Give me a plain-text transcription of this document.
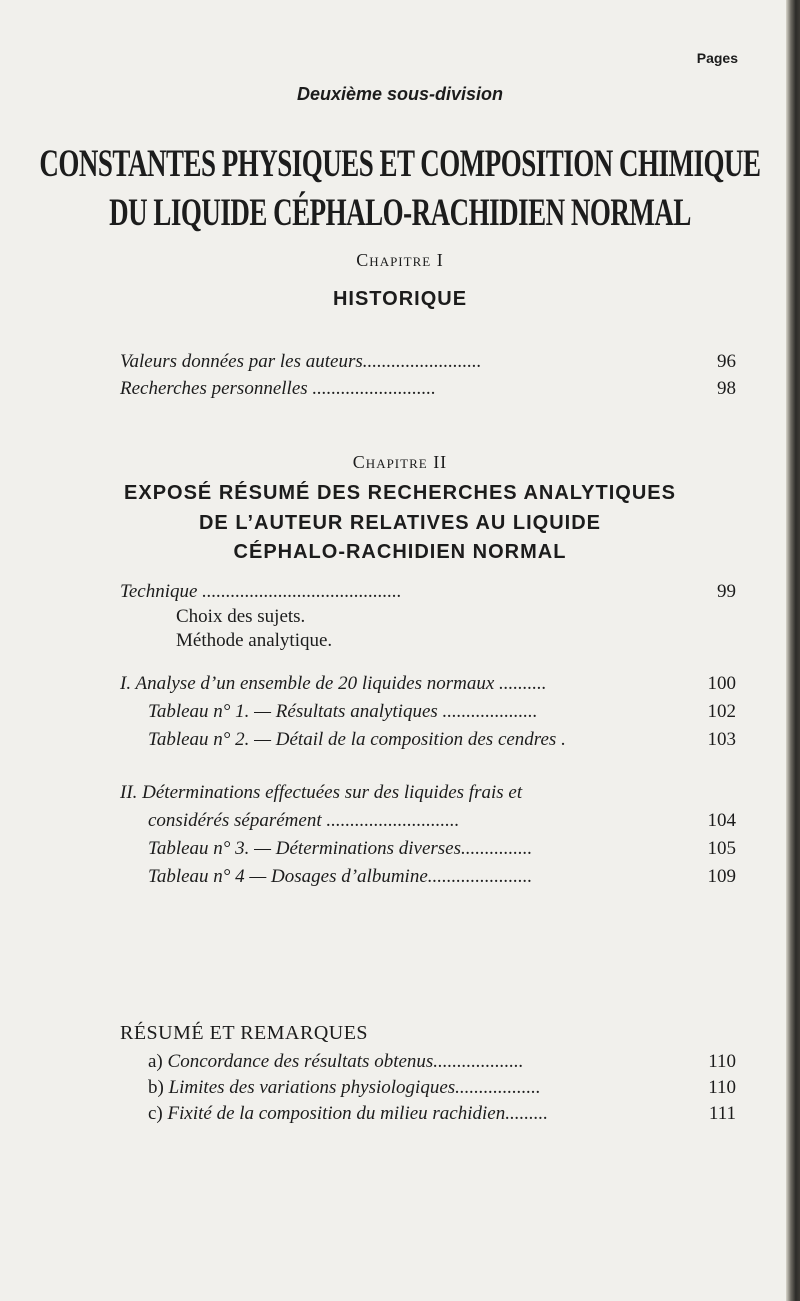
Pages
Deuxième sous-division
CONSTANTES PHYSIQUES ET COMPOSITION CHIMIQUE
DU LIQUIDE CÉPHALO-RACHIDIEN NORMAL
Chapitre I
HISTORIQUE
Valeurs données par les auteurs.........................	96
Recherches personnelles ..........................	98
Chapitre II
EXPOSÉ RÉSUMÉ DES RECHERCHES ANALYTIQUES
DE L’AUTEUR RELATIVES AU LIQUIDE
CÉPHALO-RACHIDIEN NORMAL
Technique ..........................................	99
Choix des sujets.
Méthode analytique.
I. Analyse d’un ensemble de 20 liquides normaux ..........	100
Tableau n° 1. — Résultats analytiques ....................	102
Tableau n° 2. — Détail de la composition des cendres .	103
II. Déterminations effectuées sur des liquides frais et
considérés séparément ............................	104
Tableau n° 3. — Déterminations diverses...............	105
Tableau n° 4 — Dosages d’albumine......................	109
RÉSUMÉ ET REMARQUES
a) Concordance des résultats obtenus...................	110
b) Limites des variations physiologiques..................	110
c) Fixité de la composition du milieu rachidien.........	111
